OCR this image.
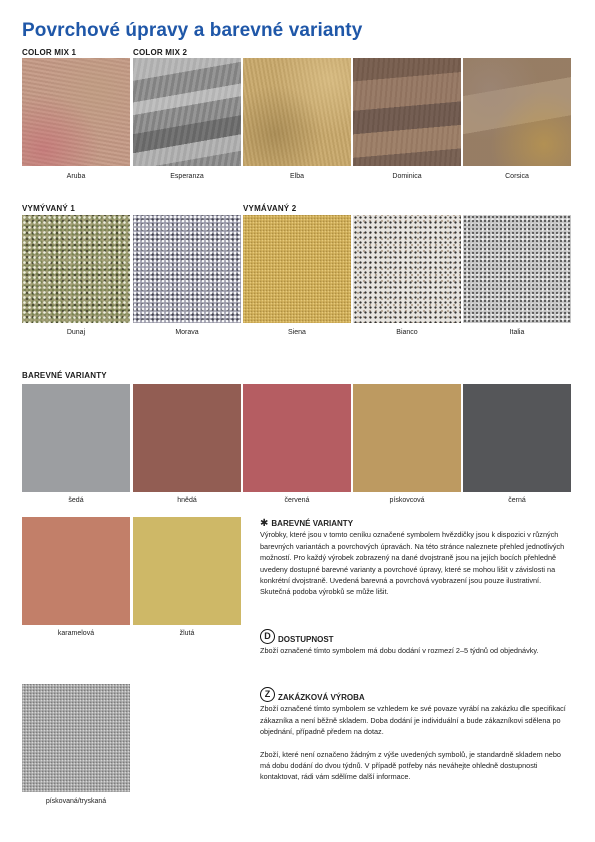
Povrchové úpravy a barevné varianty
COLOR MIX 1	COLOR MIX 2
Aruba	Esperanza	Elba	Dominica	Corsica
VYMÝVANÝ 1	VYMÁVANÝ 2
Dunaj	Morava	Siena	Bianco	Italia
BAREVNÉ VARIANTY
šedá	hnědá	červená	pískovcová	černá
karamelová	žlutá
pískovaná/tryskaná
✱ BAREVNÉ VARIANTY

Výrobky, které jsou v tomto ceníku označené symbolem hvězdičky jsou k dispozici v různých barevných variantách a povrchových úpravách. Na této stránce naleznete přehled jednotlivých možností. Pro každý výrobek zobrazený na dané dvojstraně jsou na jejích bocích přehledně uvedeny dostupné barevné varianty a povrchové úpravy, které se mohou lišit v závislosti na konkrétní dvojstraně. Uvedená barevná a povrchová vyobrazení jsou pouze ilustrativní. Skutečná podoba výrobků se může lišit.

D DOSTUPNOST

Zboží označené tímto symbolem má dobu dodání v rozmezí 2–5 týdnů od objednávky.

Z ZAKÁZKOVÁ VÝROBA

Zboží označené tímto symbolem se vzhledem ke své povaze vyrábí na zakázku dle specifikací zákazníka a není běžně skladem. Doba dodání je individuální a bude zákazníkovi sdělena po objednání, případně předem na dotaz.

Zboží, které není označeno žádným z výše uvedených symbolů, je standardně skladem nebo má dobu dodání do dvou týdnů. V případě potřeby nás neváhejte ohledně dostupnosti kontaktovat, rádi vám sdělíme další informace.
